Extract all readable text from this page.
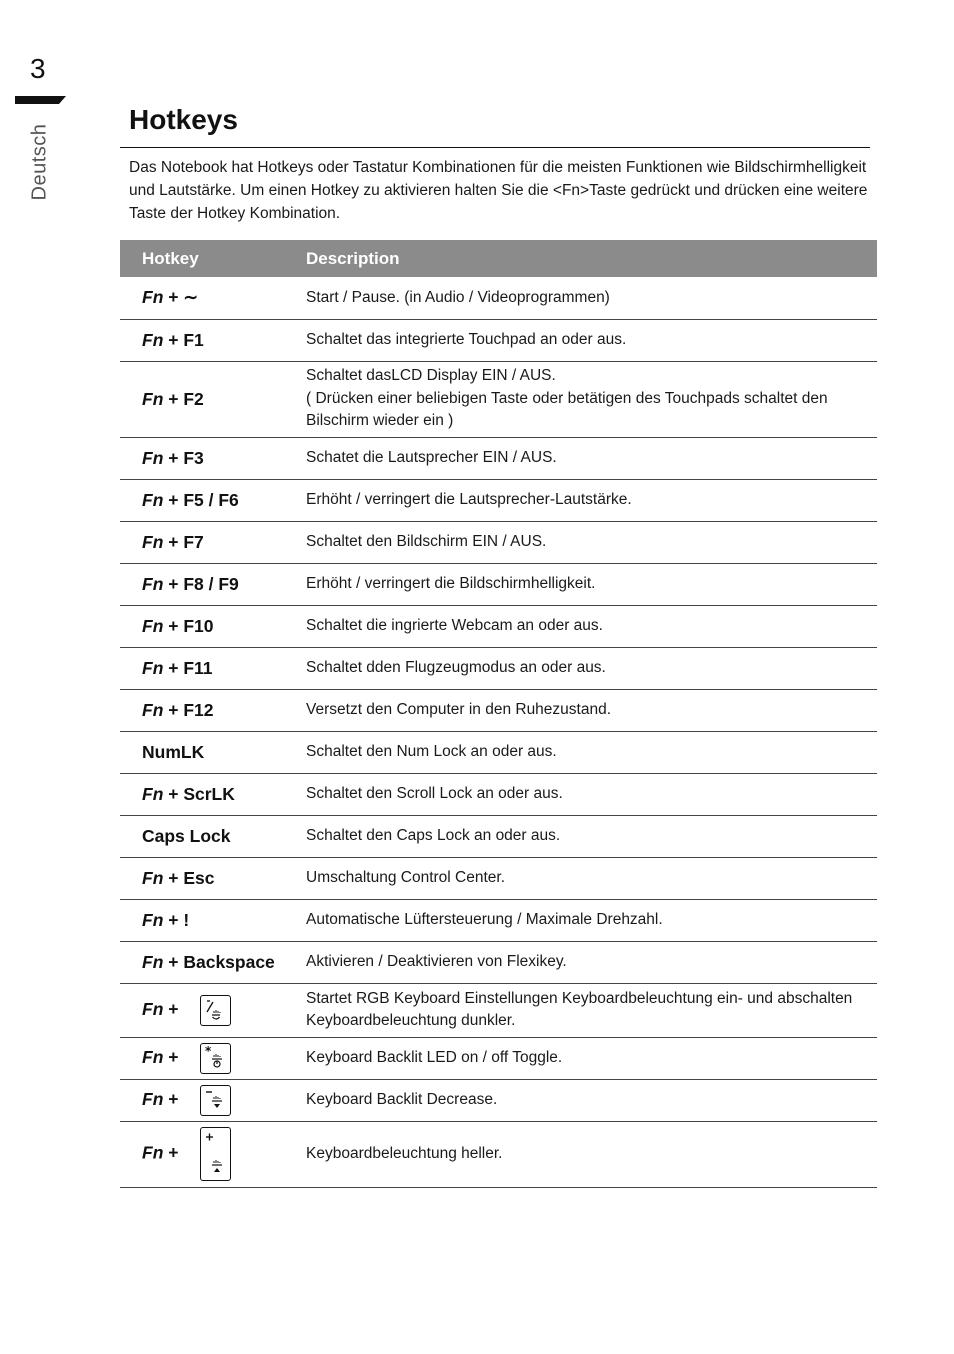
3
Deutsch
Hotkeys

Das Notebook hat Hotkeys oder Tastatur Kombinationen für die meisten Funktionen wie Bildschirmhelligkeit und Lautstärke. Um einen Hotkey zu aktivieren halten Sie die <Fn>Taste gedrückt und drücken eine weitere Taste der Hotkey Kombination.

Hotkey	Description
Fn + ∼	Start / Pause. (in Audio / Videoprogrammen)
Fn + F1	Schaltet das integrierte Touchpad an oder aus.
Fn + F2	Schaltet dasLCD Display EIN / AUS.
( Drücken einer beliebigen Taste oder betätigen des Touchpads schaltet den Bilschirm wieder ein )

Fn + F3	Schatet die Lautsprecher EIN / AUS.
Fn + F5 / F6	Erhöht / verringert die Lautsprecher-Lautstärke.
Fn + F7	Schaltet den Bildschirm EIN / AUS.
Fn + F8 / F9	Erhöht / verringert die Bildschirmhelligkeit.
Fn + F10	Schaltet die ingrierte Webcam an oder aus.
Fn + F11	Schaltet dden Flugzeugmodus an oder aus.
Fn + F12	Versetzt den Computer in den Ruhezustand.
NumLK	Schaltet den Num Lock an oder aus.
Fn + ScrLK	Schaltet den Scroll Lock an oder aus.
Caps Lock	Schaltet den Caps Lock an oder aus.
Fn + Esc	Umschaltung Control Center.
Fn + !	Automatische Lüftersteuerung / Maximale Drehzahl.
Fn + Backspace	Aktivieren / Deaktivieren von Flexikey.
Fn +	Startet RGB Keyboard Einstellungen Keyboardbeleuchtung ein- und abschalten Keyboardbeleuchtung dunkler.
Fn + *	Keyboard Backlit LED on / off Toggle.
Fn +	Keyboard Backlit Decrease.
Fn +	Keyboardbeleuchtung heller.
